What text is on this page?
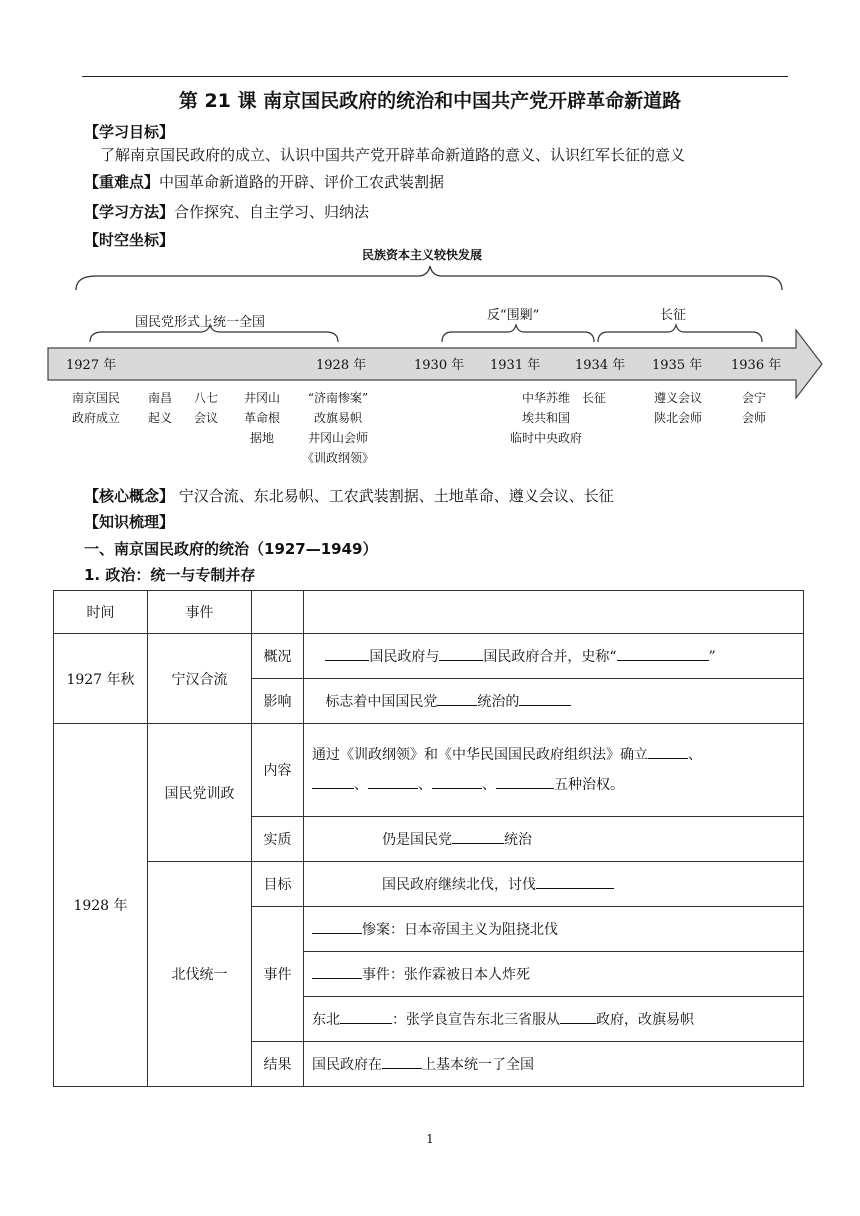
第 21 课 南京国民政府的统治和中国共产党开辟革命新道路
【学习目标】
了解南京国民政府的成立、认识中国共产党开辟革命新道路的意义、认识红军长征的意义
【重难点】中国革命新道路的开辟、评价工农武装割据
【学习方法】合作探究、自主学习、归纳法
【时空坐标】
民族资本主义较快发展
国民党形式上统一全国	反“围剿”	长征
1927 年	1928 年	1930 年 1931 年	1934 年 1935 年 1936 年
南京国民
政府成立
南昌
起义
八七
会议
井冈山
革命根
据地
“济南惨案”
改旗易帜
井冈山会师
《训政纲领》
中华苏维
埃共和国
临时中央政府
长征	遵义会议
陕北会师
会宁
会师
【核心概念】 宁汉合流、东北易帜、工农武装割据、土地革命、遵义会议、长征
【知识梳理】
一、南京国民政府的统治（1927—1949）
1. 政治：统一与专制并存
时间	事件		
1927 年秋	宁汉合流	概况	国民政府与 国民政府合并，史称“ ”
		影响	标志着中国国民党 统治的
1928 年	国民党训政	内容	通过《训政纲领》和《中华民国国民政府组织法》确立 、
、 、 、 五种治权。
		实质	仍是国民党 统治
	北伐统一	目标	国民政府继续北伐，讨伐
		事件	惨案：日本帝国主义为阻挠北伐
			事件：张作霖被日本人炸死
			东北 ：张学良宣告东北三省服从 政府，改旗易帜
		结果	国民政府在 上基本统一了全国
1
